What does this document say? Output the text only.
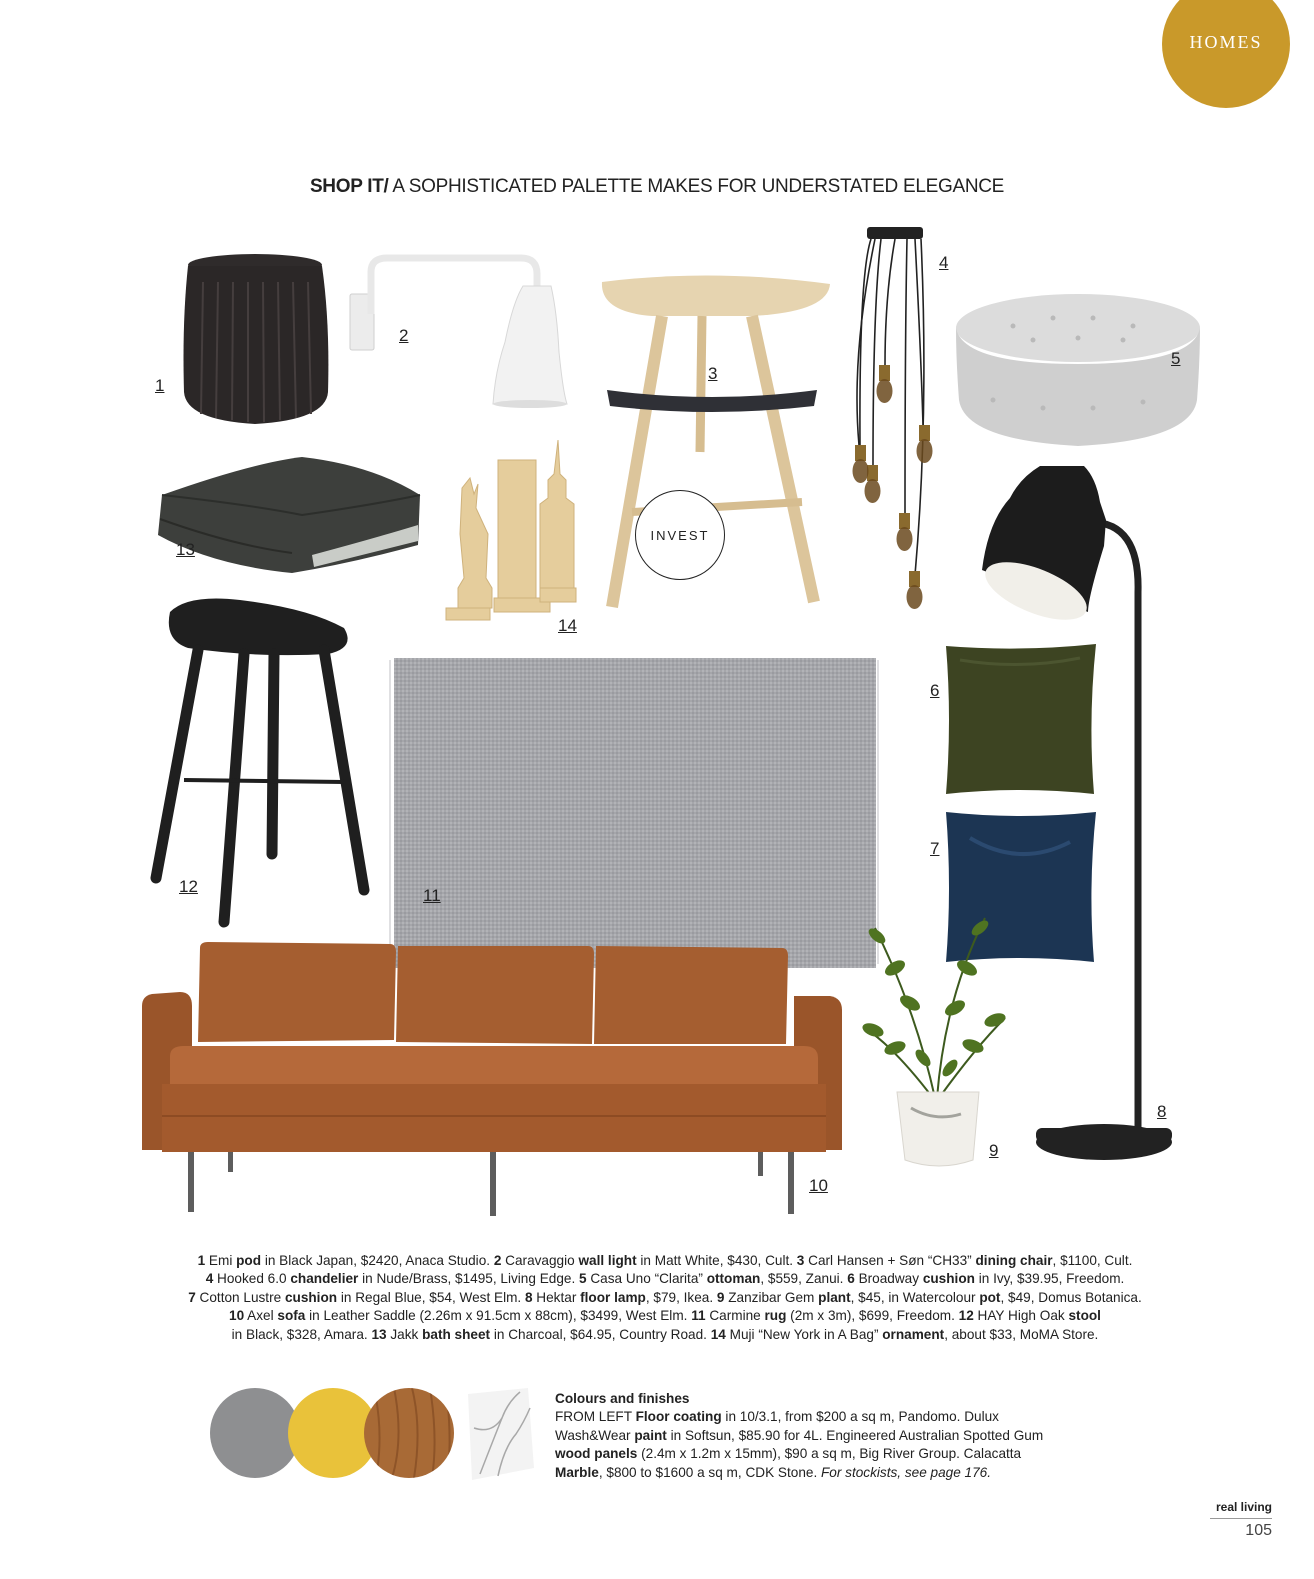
HOMES
SHOP IT/ A SOPHISTICATED PALETTE MAKES FOR UNDERSTATED ELEGANCE
INVEST
1
2
3
4
5
6
7
8
9
10
11
12
13
14
1 Emi pod in Black Japan, $2420, Anaca Studio. 2 Caravaggio wall light in Matt White, $430, Cult. 3 Carl Hansen + Søn “CH33” dining chair, $1100, Cult.
4 Hooked 6.0 chandelier in Nude/Brass, $1495, Living Edge. 5 Casa Uno “Clarita” ottoman, $559, Zanui. 6 Broadway cushion in Ivy, $39.95, Freedom.
7 Cotton Lustre cushion in Regal Blue, $54, West Elm. 8 Hektar floor lamp, $79, Ikea. 9 Zanzibar Gem plant, $45, in Watercolour pot, $49, Domus Botanica.
10 Axel sofa in Leather Saddle (2.26m x 91.5cm x 88cm), $3499, West Elm. 11 Carmine rug (2m x 3m), $699, Freedom. 12 HAY High Oak stool
in Black, $328, Amara. 13 Jakk bath sheet in Charcoal, $64.95, Country Road. 14 Muji “New York in A Bag” ornament, about $33, MoMA Store.
Colours and finishes
FROM LEFT Floor coating in 10/3.1, from $200 a sq m, Pandomo. Dulux
Wash&Wear paint in Softsun, $85.90 for 4L. Engineered Australian Spotted Gum
wood panels (2.4m x 1.2m x 15mm), $90 a sq m, Big River Group. Calacatta
Marble, $800 to $1600 a sq m, CDK Stone. For stockists, see page 176.
real living
105
